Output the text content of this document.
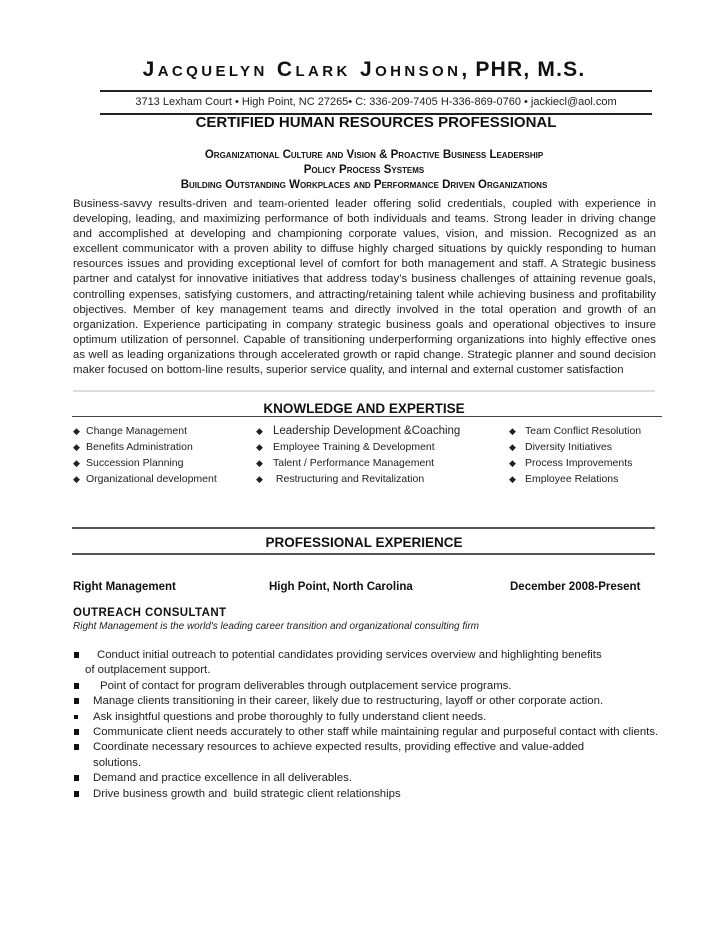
Jacquelyn Clark Johnson, PHR, M.S.
3713 Lexham Court • High Point, NC 27265• C: 336-209-7405 H-336-869-0760 • jackiecl@aol.com
CERTIFIED HUMAN RESOURCES PROFESSIONAL
Organizational Culture and Vision & Proactive Business Leadership
Policy Process Systems
Building Outstanding Workplaces and Performance Driven Organizations
Business-savvy results-driven and team-oriented leader offering solid credentials, coupled with experience in developing, leading, and maximizing performance of both individuals and teams. Strong leader in driving change and accomplished at developing and championing corporate values, vision, and mission. Recognized as an excellent communicator with a proven ability to diffuse highly charged situations by quickly responding to human resources issues and providing exceptional level of comfort for both management and staff. A Strategic business partner and catalyst for innovative initiatives that address today’s business challenges of attaining revenue goals, controlling expenses, satisfying customers, and attracting/retaining talent while achieving business and profitability objectives. Member of key management teams and directly involved in the total operation and growth of an organization. Experience participating in company strategic business goals and operational objectives to insure optimum utilization of personnel. Capable of transitioning underperforming organizations into highly effective ones as well as leading organizations through accelerated growth or rapid change. Strategic planner and sound decision maker focused on bottom-line results, superior service quality, and internal and external customer satisfaction
KNOWLEDGE AND EXPERTISE
◆ Change Management
◆ Benefits Administration
◆ Succession Planning
◆ Organizational development
◆ Leadership Development &Coaching
◆ Employee Training & Development
◆ Talent / Performance Management
◆ Restructuring and Revitalization
◆ Team Conflict Resolution
◆ Diversity Initiatives
◆ Process Improvements
◆ Employee Relations
PROFESSIONAL EXPERIENCE
Right Management	High Point, North Carolina	December 2008-Present
OUTREACH CONSULTANT
Right Management is the world's leading career transition and organizational consulting firm
Conduct initial outreach to potential candidates providing services overview and highlighting benefits
of outplacement support.
Point of contact for program deliverables through outplacement service programs.
Manage clients transitioning in their career, likely due to restructuring, layoff or other corporate action.
Ask insightful questions and probe thoroughly to fully understand client needs.
Communicate client needs accurately to other staff while maintaining regular and purposeful contact with clients.
Coordinate necessary resources to achieve expected results, providing effective and value-added solutions.
Demand and practice excellence in all deliverables.
Drive business growth and  build strategic client relationships
